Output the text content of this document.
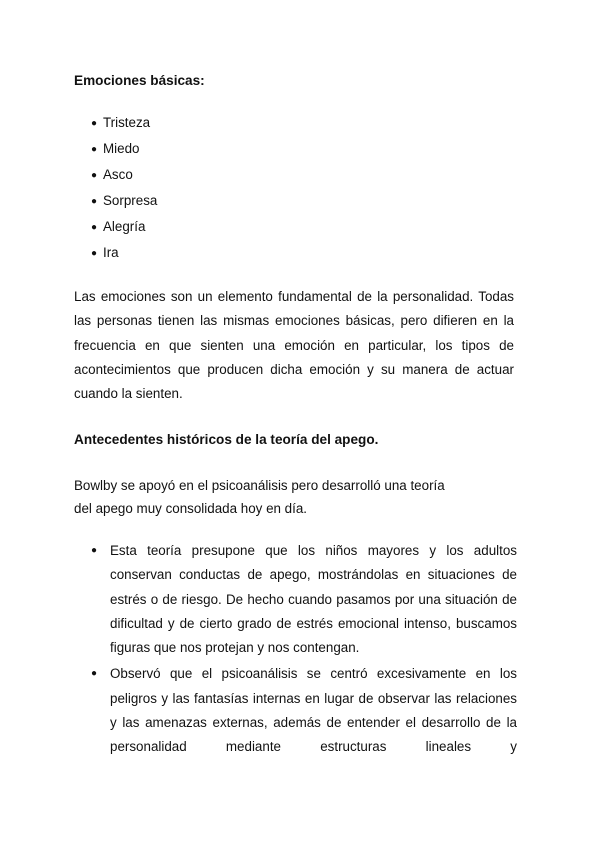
Emociones básicas:
● Tristeza
● Miedo
● Asco
● Sorpresa
● Alegría
● Ira
Las emociones son un elemento fundamental de la personalidad. Todas las personas tienen las mismas emociones básicas, pero difieren en la frecuencia en que sienten una emoción en particular, los tipos de acontecimientos que producen dicha emoción y su manera de actuar cuando la sienten.
Antecedentes históricos de la teoría del apego.
Bowlby se apoyó en el psicoanálisis pero desarrolló una teoría
del apego muy consolidada hoy en día.
● Esta teoría presupone que los niños mayores y los adultos conservan conductas de apego, mostrándolas en situaciones de estrés o de riesgo. De hecho cuando pasamos por una situación de dificultad y de cierto grado de estrés emocional intenso, buscamos figuras que nos protejan y nos contengan.
● Observó que el psicoanálisis se centró excesivamente en los peligros y las fantasías internas en lugar de observar las relaciones y las amenazas externas, además de entender el desarrollo de la personalidad mediante estructuras lineales y
